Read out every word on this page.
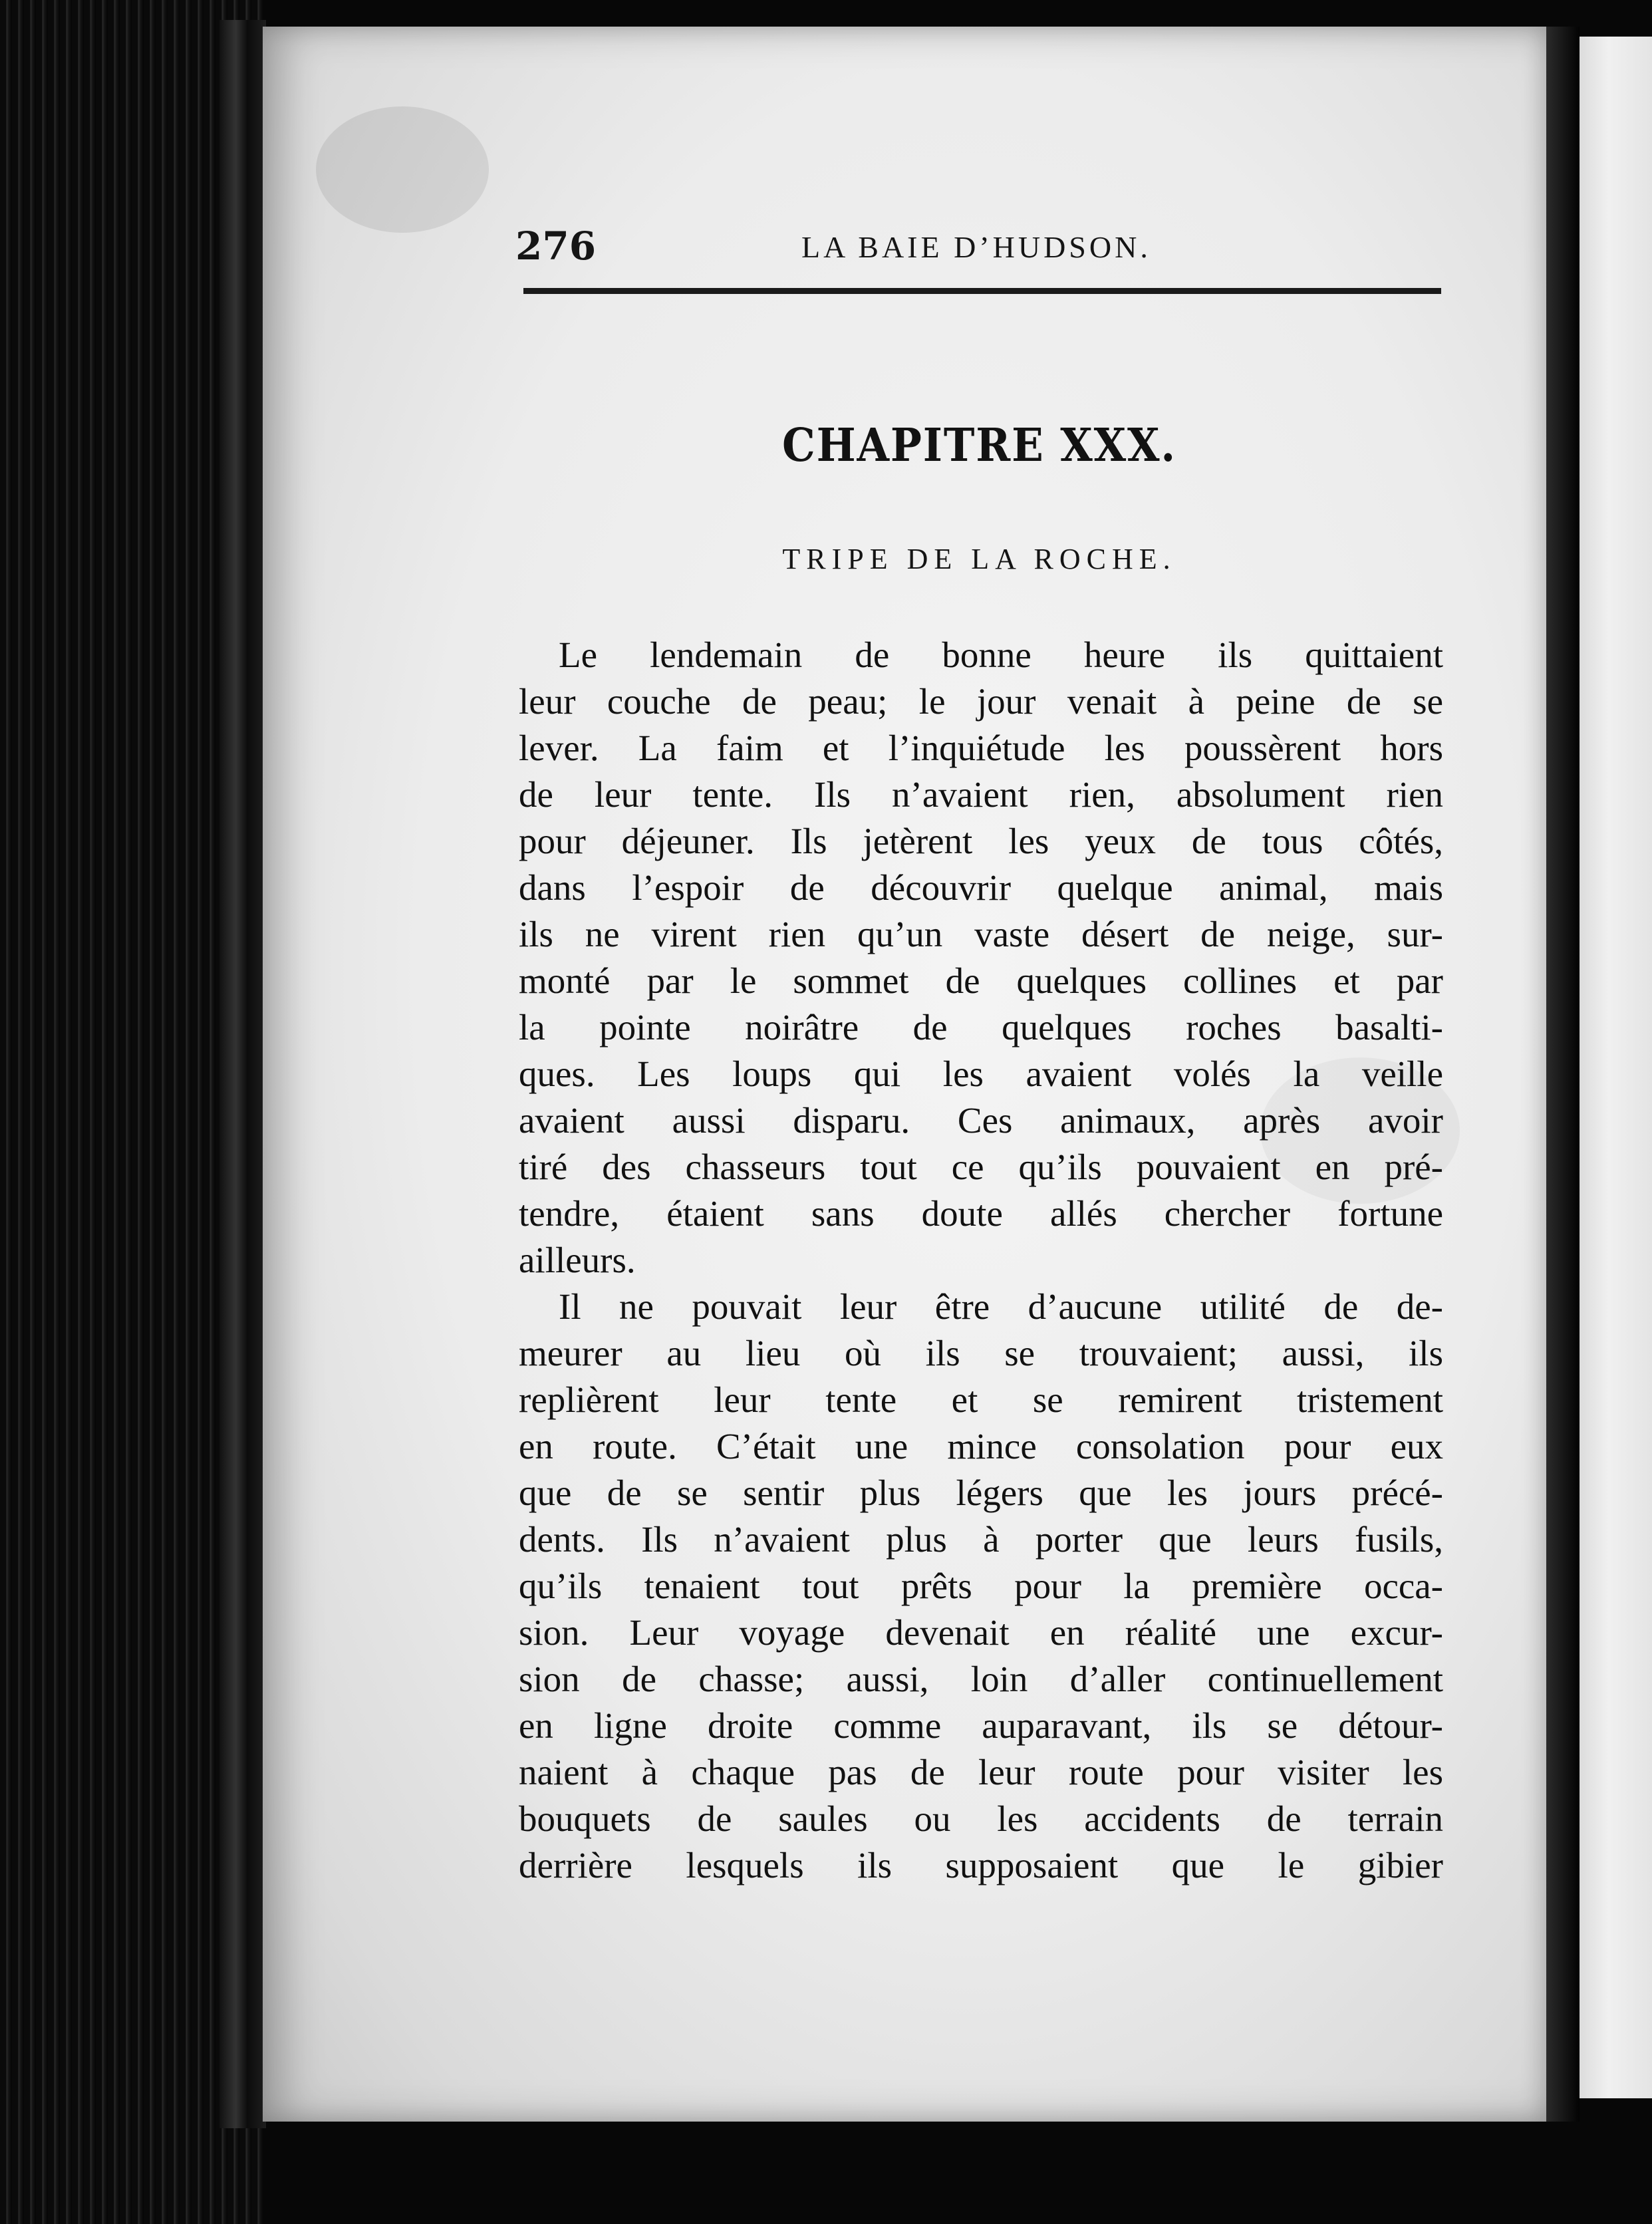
276	LA BAIE D’HUDSON.
CHAPITRE XXX.
TRIPE DE LA ROCHE.
Le lendemain de bonne heure ils quittaient
leur couche de peau; le jour venait à peine de se
lever. La faim et l’inquiétude les poussèrent hors
de leur tente. Ils n’avaient rien, absolument rien
pour déjeuner. Ils jetèrent les yeux de tous côtés,
dans l’espoir de découvrir quelque animal, mais
ils ne virent rien qu’un vaste désert de neige, sur-
monté par le sommet de quelques collines et par
la pointe noirâtre de quelques roches basalti-
ques. Les loups qui les avaient volés la veille
avaient aussi disparu. Ces animaux, après avoir
tiré des chasseurs tout ce qu’ils pouvaient en pré-
tendre, étaient sans doute allés chercher fortune
ailleurs.
Il ne pouvait leur être d’aucune utilité de de-
meurer au lieu où ils se trouvaient; aussi, ils
replièrent leur tente et se remirent tristement
en route. C’était une mince consolation pour eux
que de se sentir plus légers que les jours précé-
dents. Ils n’avaient plus à porter que leurs fusils,
qu’ils tenaient tout prêts pour la première occa-
sion. Leur voyage devenait en réalité une excur-
sion de chasse; aussi, loin d’aller continuellement
en ligne droite comme auparavant, ils se détour-
naient à chaque pas de leur route pour visiter les
bouquets de saules ou les accidents de terrain
derrière lesquels ils supposaient que le gibier
